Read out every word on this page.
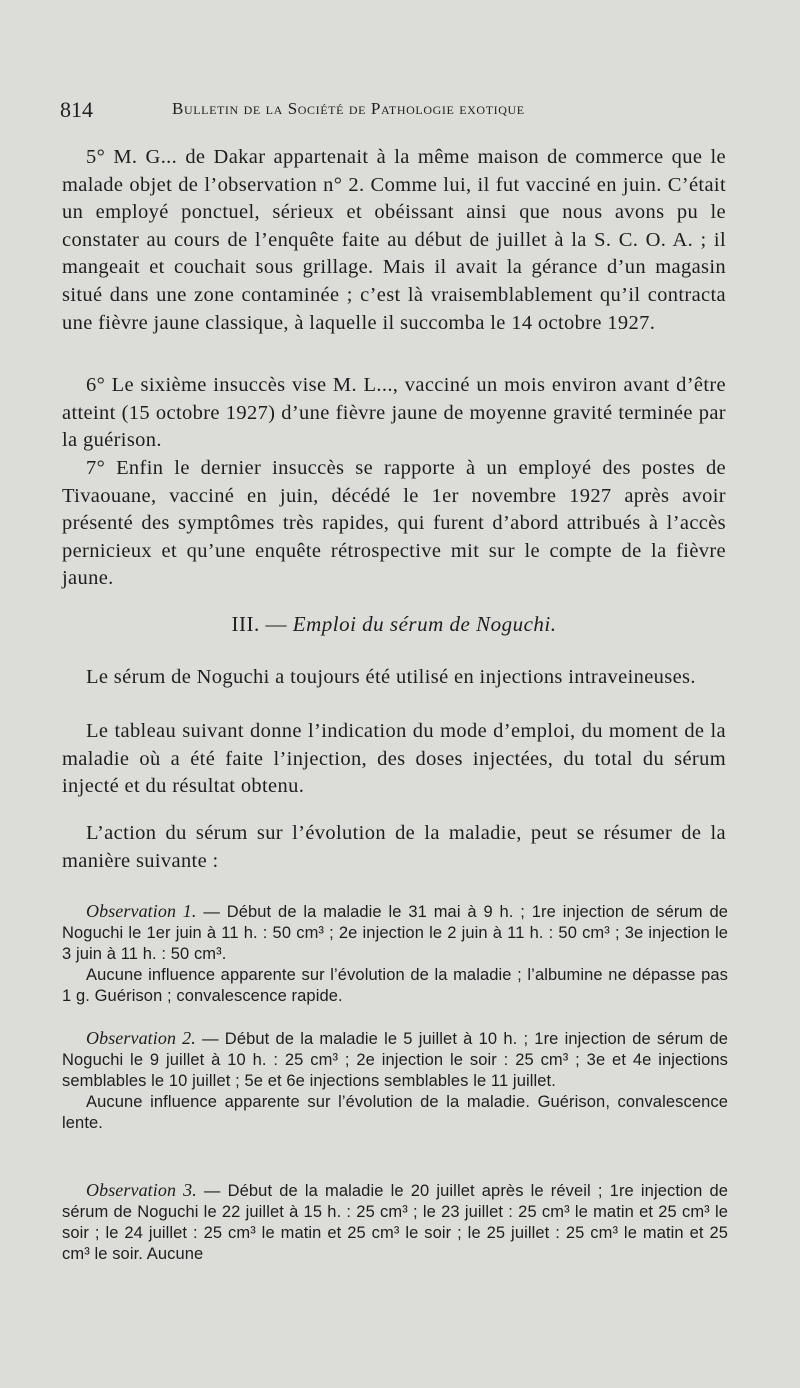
814	Bulletin de la Société de Pathologie exotique

5° M. G... de Dakar appartenait à la même maison de commerce que le malade objet de l’observation n° 2. Comme lui, il fut vacciné en juin. C’était un employé ponctuel, sérieux et obéissant ainsi que nous avons pu le constater au cours de l’enquête faite au début de juillet à la S. C. O. A. ; il mangeait et couchait sous grillage. Mais il avait la gérance d’un magasin situé dans une zone contaminée ; c’est là vraisemblablement qu’il contracta une fièvre jaune classique, à laquelle il succomba le 14 octobre 1927.

6° Le sixième insuccès vise M. L..., vacciné un mois environ avant d’être atteint (15 octobre 1927) d’une fièvre jaune de moyenne gravité terminée par la guérison.

7° Enfin le dernier insuccès se rapporte à un employé des postes de Tivaouane, vacciné en juin, décédé le 1er novembre 1927 après avoir présenté des symptômes très rapides, qui furent d’abord attribués à l’accès pernicieux et qu’une enquête rétrospective mit sur le compte de la fièvre jaune.

III. — Emploi du sérum de Noguchi.

Le sérum de Noguchi a toujours été utilisé en injections intraveineuses.

Le tableau suivant donne l’indication du mode d’emploi, du moment de la maladie où a été faite l’injection, des doses injectées, du total du sérum injecté et du résultat obtenu.

L’action du sérum sur l’évolution de la maladie, peut se résumer de la manière suivante :

Observation 1. — Début de la maladie le 31 mai à 9 h. ; 1re injection de sérum de Noguchi le 1er juin à 11 h. : 50 cm³ ; 2e injection le 2 juin à 11 h. : 50 cm³ ; 3e injection le 3 juin à 11 h. : 50 cm³.

Aucune influence apparente sur l’évolution de la maladie ; l’albumine ne dépasse pas 1 g. Guérison ; convalescence rapide.

Observation 2. — Début de la maladie le 5 juillet à 10 h. ; 1re injection de sérum de Noguchi le 9 juillet à 10 h. : 25 cm³ ; 2e injection le soir : 25 cm³ ; 3e et 4e injections semblables le 10 juillet ; 5e et 6e injections semblables le 11 juillet.

Aucune influence apparente sur l’évolution de la maladie. Guérison, convalescence lente.

Observation 3. — Début de la maladie le 20 juillet après le réveil ; 1re injection de sérum de Noguchi le 22 juillet à 15 h. : 25 cm³ ; le 23 juillet : 25 cm³ le matin et 25 cm³ le soir ; le 24 juillet : 25 cm³ le matin et 25 cm³ le soir ; le 25 juillet : 25 cm³ le matin et 25 cm³ le soir. Aucune
